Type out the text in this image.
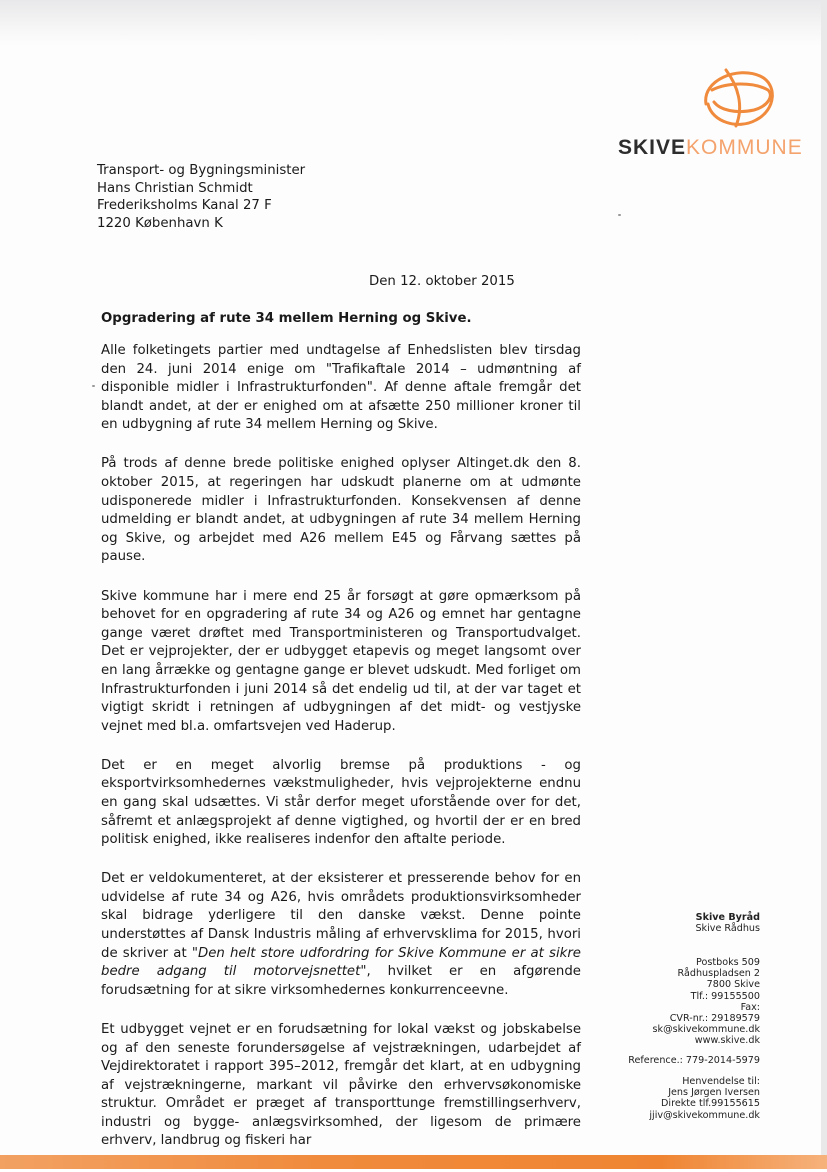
SKIVEKOMMUNE
Transport- og Bygningsminister
Hans Christian Schmidt
Frederiksholms Kanal 27 F
1220 København K
Den 12. oktober 2015
Opgradering af rute 34 mellem Herning og Skive.

Alle folketingets partier med undtagelse af Enhedslisten blev tirsdag den 24. juni 2014 enige om "Trafikaftale 2014 – udmøntning af disponible midler i Infrastrukturfonden". Af denne aftale fremgår det blandt andet, at der er enighed om at afsætte 250 millioner kroner til en udbygning af rute 34 mellem Herning og Skive.

På trods af denne brede politiske enighed oplyser Altinget.dk den 8. oktober 2015, at regeringen har udskudt planerne om at udmønte udisponerede midler i Infrastrukturfonden. Konsekvensen af denne udmelding er blandt andet, at udbygningen af rute 34 mellem Herning og Skive, og arbejdet med A26 mellem E45 og Fårvang sættes på pause.

Skive kommune har i mere end 25 år forsøgt at gøre opmærksom på behovet for en opgradering af rute 34 og A26 og emnet har gentagne gange været drøftet med Transportministeren og Transportudvalget. Det er vejprojekter, der er udbygget etapevis og meget langsomt over en lang årrække og gentagne gange er blevet udskudt. Med forliget om Infrastrukturfonden i juni 2014 så det endelig ud til, at der var taget et vigtigt skridt i retningen af udbygningen af det midt- og vestjyske vejnet med bl.a. omfartsvejen ved Haderup.

Det er en meget alvorlig bremse på produktions - og eksportvirksomhedernes vækstmuligheder, hvis vejprojekterne endnu en gang skal udsættes. Vi står derfor meget uforstående over for det, såfremt et anlægsprojekt af denne vigtighed, og hvortil der er en bred politisk enighed, ikke realiseres indenfor den aftalte periode.

Det er veldokumenteret, at der eksisterer et presserende behov for en udvidelse af rute 34 og A26, hvis områdets produktionsvirksomheder skal bidrage yderligere til den danske vækst. Denne pointe understøttes af Dansk Industris måling af erhvervsklima for 2015, hvori de skriver at "Den helt store udfordring for Skive Kommune er at sikre bedre adgang til motorvejsnettet", hvilket er en afgørende forudsætning for at sikre virksomhedernes konkurrenceevne.

Et udbygget vejnet er en forudsætning for lokal vækst og jobskabelse og af den seneste forundersøgelse af vejstrækningen, udarbejdet af Vejdirektoratet i rapport 395–2012, fremgår det klart, at en udbygning af vejstrækningerne, markant vil påvirke den erhvervsøkonomiske struktur. Området er præget af transporttunge fremstillingserhverv, industri og bygge- anlægsvirksomhed, der ligesom de primære erhverv, landbrug og fiskeri har

Skive Byråd
Skive Rådhus
Postboks 509
Rådhuspladsen 2
7800 Skive
Tlf.: 99155500
Fax:
CVR-nr.: 29189579
sk@skivekommune.dk
www.skive.dk
Reference.: 779-2014-5979
Henvendelse til:
Jens Jørgen Iversen
Direkte tlf.99155615
jjiv@skivekommune.dk
